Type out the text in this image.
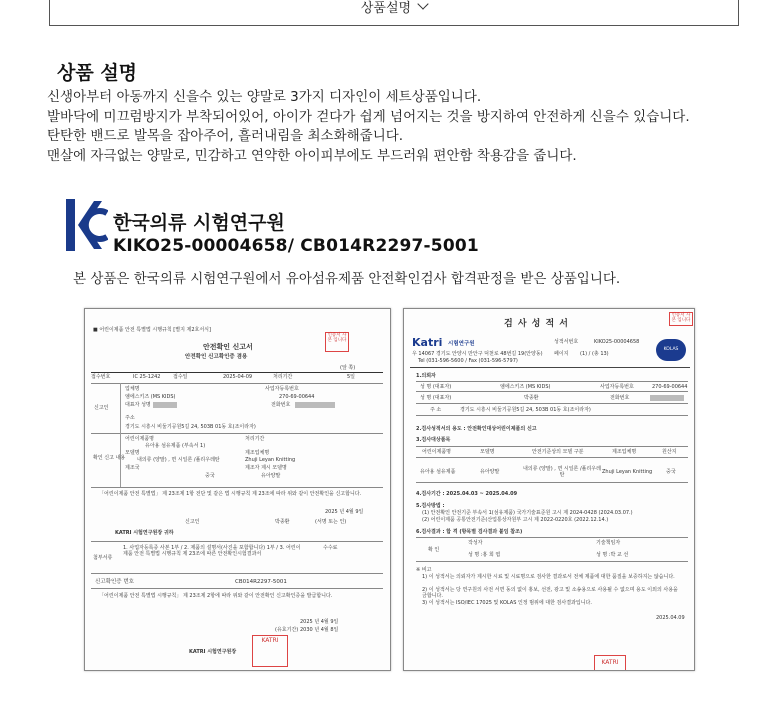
상품설명
상품 설명
신생아부터 아동까지 신을수 있는 양말로 3가지 디자인이 세트상품입니다.
발바닥에 미끄럼방지가 부착되어있어, 아이가 걷다가 쉽게 넘어지는 것을 방지하여 안전하게 신을수 있습니다.
탄탄한 밴드로 발목을 잡아주어, 흘러내림을 최소화해줍니다.
맨살에 자극없는 양말로, 민감하고 연약한 아이피부에도 부드러워 편안함 착용감을 줍니다.
한국의류 시험연구원
KIKO25-00004658/ CB014R2297-5001
본 상품은 한국의류 시험연구원에서 유아섬유제품 안전확인검사 합격판정을 받은 상품입니다.
■ 어린이제품 안전 특별법 시행규칙 [별지 제2호서식]
인증서 사본 입니다
안전확인 신고서
안전확인 신고확인증 겸용
(앞 쪽)
접수번호	IC 25-1242	접수일	2025-04-09	처리기간	5일
신고인
업체명	사업자등록번호
엠에스키즈 (MS KIDS)	270-69-00644
대표자 성명	전화번호
주소
경기도 시흥시 비둘기공원5길 24, 503B 01동 호(조이라자)
확인 신고 내용
어린이제품명	처리기간
유아용 섬유제품 (부속서 1)
모델명	제조업체명
내의류 (양말) , 면 시일론 /폴리우레탄	Zhuji Leyan Knitting
제조국	제조자 제시 모델명
중국	유아양말
「어린이제품 안전 특별법」 제 23조제 1항 전단 및 같은 법 시행규칙 제 23조에 따라 위와 같이 안전확인을 신고합니다.
2025 년 4월 9일
신고인	박종환	(서명 또는 인)
KATRI 시험연구원장 귀하
첨부서류
1. 사업자등록증 사본 1부 / 2. 제품의 설명서(사진을 포함합니다) 1부 / 3. 어린이제품 안전 특별법 시행규칙 제 23조에 따른 안전확인시험결과서
수수료
신고확인증 번호	CB014R2297-5001
「어린이제품 안전 특별법 시행규칙」 제 23조제 2항에 따라 위와 같이 안전확인 신고확인증을 발급합니다.
2025 년 4월 9일
(유효기간) 2030 년 4월 8일
KATRI 시험연구원장
KATRI
검 사 성 적 서
인증서 사본 입니다
Katri 시험연구원
우 14067 경기도 안양시 만안구 덕천로 48번길 19(안양동)
Tel (031-596-5600 / Fax (031-596-5797)
성적서번호	KIKO25-00004658
페이지 (1) / (총 13)
KOLAS
1.의뢰자
성 명 (대표자)	엠에스키즈 (MS KIDS)	사업자등록번호	270-69-00644
성 명 (대표자)	박종환	전화번호
주 소	경기도 시흥시 비둘기공원5길 24, 503B 01동 호(조이라자)
2.검사성적서의 용도 : 안전확인대상어린이제품의 신고
3.검사대상품목
어린이제품명	모델명	안전기준상의 모델 구분	제조업체명	원산지
유아용 섬유제품	유아양말	내의류 (양말) , 면 시일론 /폴리우레탄	Zhuji Leyan Knitting	중국
4.검사기간 : 2025.04.03 ~ 2025.04.09
5.검사방법 :
(1) 안전확인 안전기준 부속서 1(섬유제품) 국가기술표준원 고시 제 2024-0428 (2024.03.07.)
(2) 어린이제품 공통안전기준(산업통상자원부 고시 제 2022-0220호 (2022.12.14.)
6.검사결과 : 합 격 (항목별 검사결과 붙임 참조)
확 인
작성자
성 명 :홍 희 엽
기술책임자
성 명 :박 교 선
※ 비고
1) 이 성적서는 의뢰자가 제시한 시료 및 시료명으로 검사한 결과로서 전체 제품에 대한 품질을 보증하지는 않습니다.
2) 이 성적서는 당 연구원의 사전 서면 동의 없이 홍보, 선전, 광고 및 소송용으로 사용될 수 없으며 용도 이외의 사용을 금합니다.
3) 이 성적서는 ISO/IEC 17025 및 KOLAS 인정 범위에 대한 검사결과입니다.
2025.04.09
KATRI
